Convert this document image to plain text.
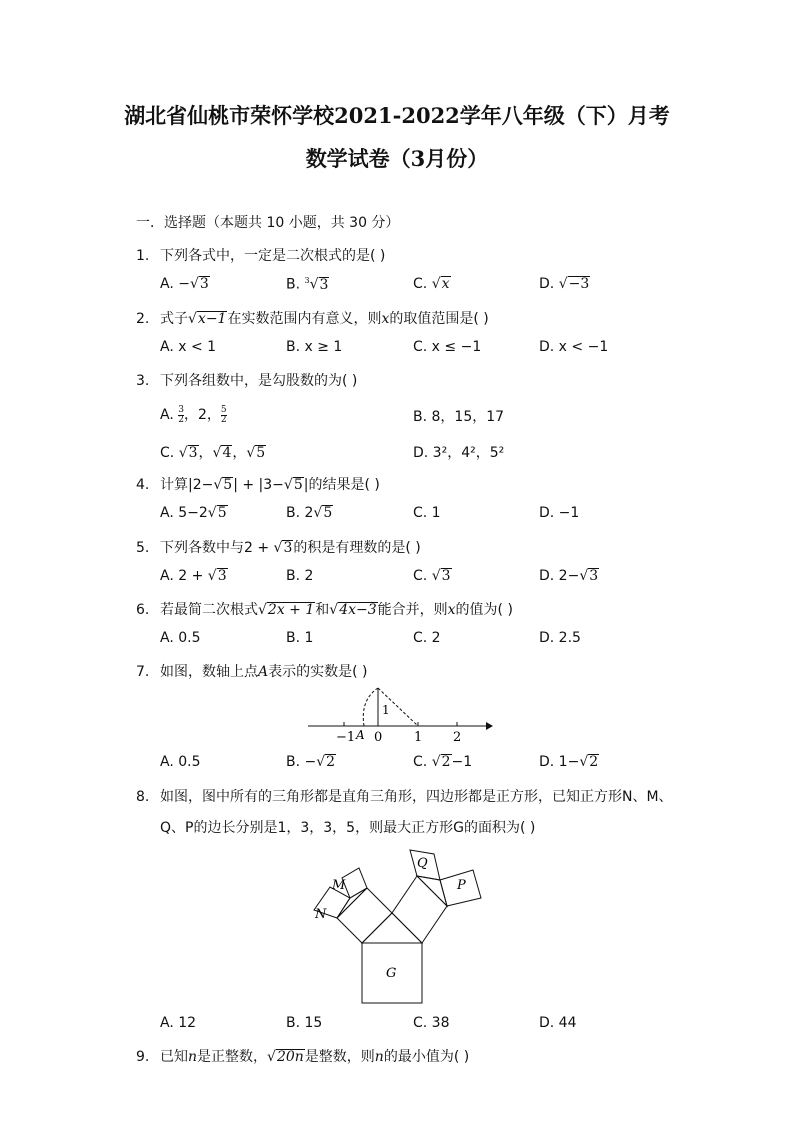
湖北省仙桃市荣怀学校2021-2022学年八年级（下）月考
数学试卷（3月份）
一．选择题（本题共 10 小题，共 30 分）
1. 下列各式中，一定是二次根式的是( )
A. −√3	B. $^3$√3	C. √x	D. √−3
2. 式子√x−1在实数范围内有意义，则x的取值范围是( )
A. x < 1	B. x ≥ 1	C. x ≤ −1	D. x < −1
3. 下列各组数中，是勾股数的为( )
A. $\frac{3}{2}$ ，2， $\frac{5}{2}$	B. 8，15，17
C. √3，√4，√5	D. 3²，4²，5²
4. 计算|2−√5| + |3−√5|的结果是( )
A. 5−2√5	B. 2√5	C. 1	D. −1
5. 下列各数中与2 + √3的积是有理数的是( )
A. 2 + √3	B. 2	C. √3	D. 2−√3
6. 若最简二次根式√2x + 1和√4x−3能合并，则x的值为( )
A. 0.5	B. 1	C. 2	D. 2.5
7. 如图，数轴上点A表示的实数是( )
1
−1 A 0 1 2
A. 0.5	B. −√2	C. √2−1	D. 1−√2
8. 如图，图中所有的三角形都是直角三角形，四边形都是正方形，已知正方形N、M、
Q、P的边长分别是1，3，3，5，则最大正方形G的面积为( )
M
N
Q
P
G
A. 12	B. 15	C. 38	D. 44
9. 已知n是正整数，√20n是整数，则n的最小值为( )
